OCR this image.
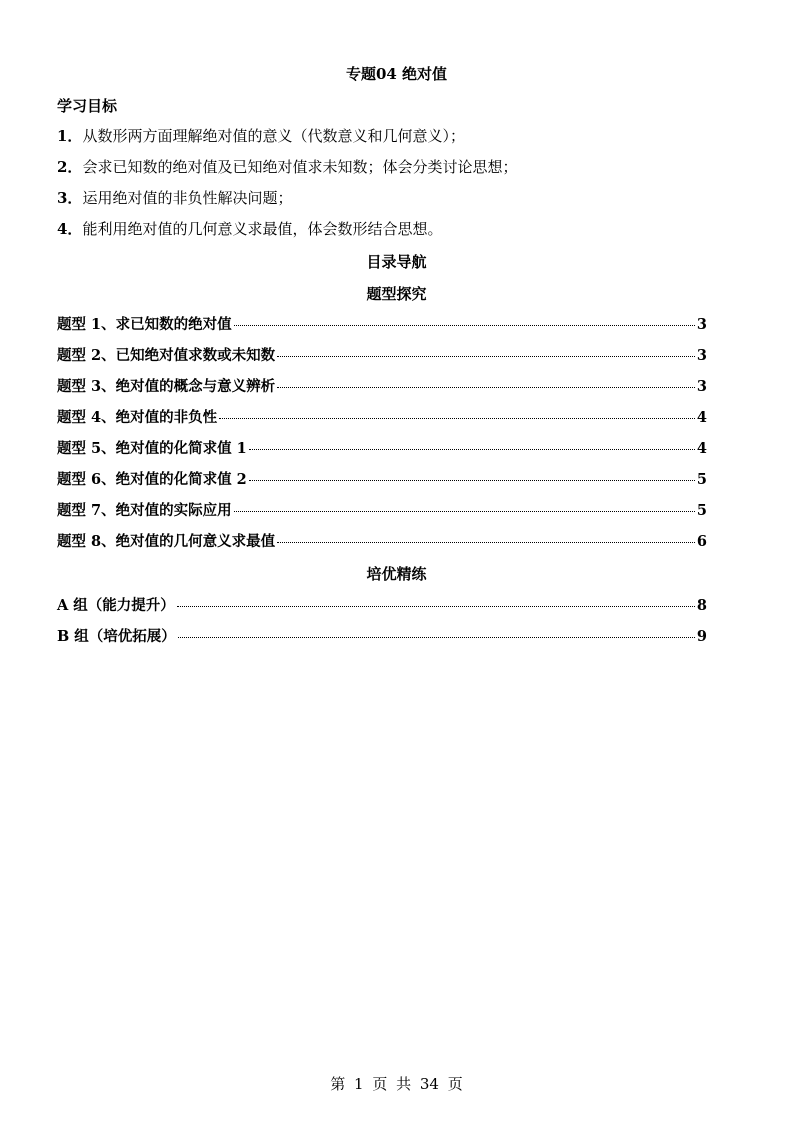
专题04 绝对值
学习目标
1．从数形两方面理解绝对值的意义（代数意义和几何意义）；
2．会求已知数的绝对值及已知绝对值求未知数；体会分类讨论思想；
3．运用绝对值的非负性解决问题；
4．能利用绝对值的几何意义求最值，体会数形结合思想。
目录导航
题型探究
题型 1、求已知数的绝对值	3
题型 2、已知绝对值求数或未知数	3
题型 3、绝对值的概念与意义辨析	3
题型 4、绝对值的非负性	4
题型 5、绝对值的化简求值 1	4
题型 6、绝对值的化简求值 2	5
题型 7、绝对值的实际应用	5
题型 8、绝对值的几何意义求最值	6
培优精练
A 组（能力提升）	8
B 组（培优拓展）	9
第 1 页 共 34 页
